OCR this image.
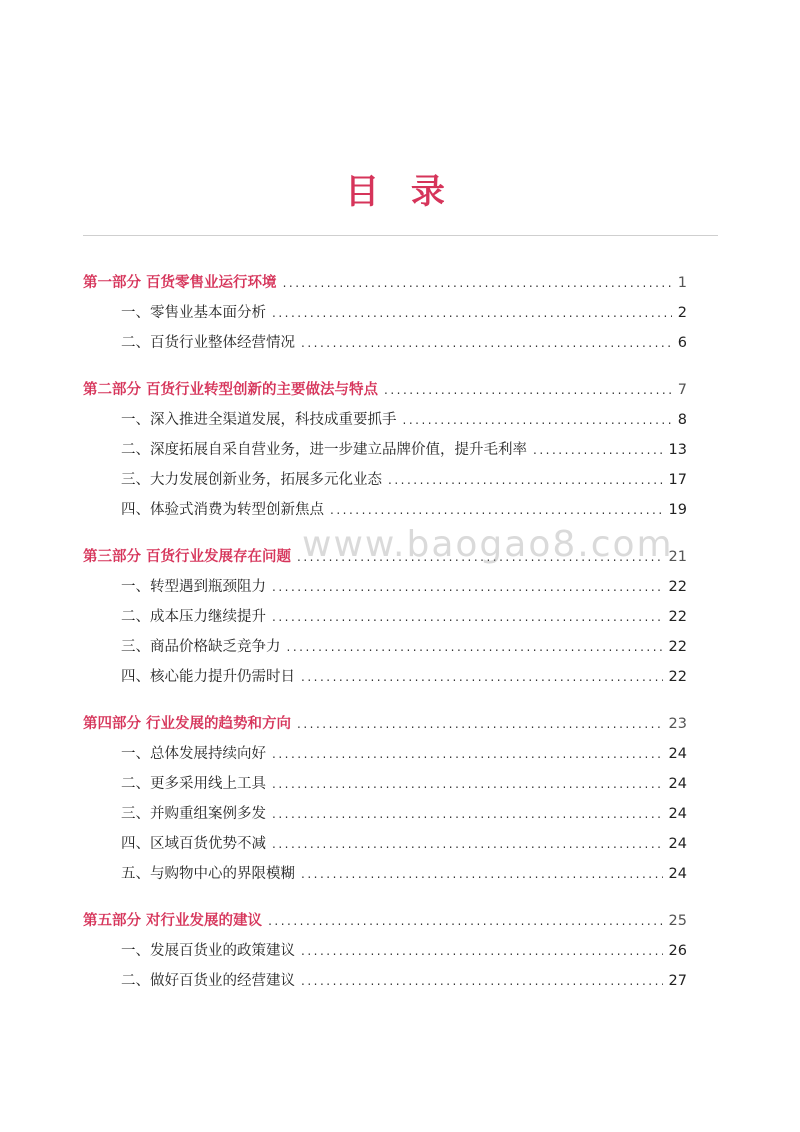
目 录
第一部分 百货零售业运行环境 .....	1
一、零售业基本面分析 .....	2
二、百货行业整体经营情况 .....	6
第二部分 百货行业转型创新的主要做法与特点 .....	7
一、深入推进全渠道发展，科技成重要抓手 .....	8
二、深度拓展自采自营业务，进一步建立品牌价值，提升毛利率 .....	13
三、大力发展创新业务，拓展多元化业态 .....	17
四、体验式消费为转型创新焦点 .....	19
第三部分 百货行业发展存在问题 .....	21
一、转型遇到瓶颈阻力 .....	22
二、成本压力继续提升 .....	22
三、商品价格缺乏竞争力 .....	22
四、核心能力提升仍需时日 .....	22
第四部分 行业发展的趋势和方向 .....	23
一、总体发展持续向好 .....	24
二、更多采用线上工具 .....	24
三、并购重组案例多发 .....	24
四、区域百货优势不减 .....	24
五、与购物中心的界限模糊 .....	24
第五部分 对行业发展的建议 .....	25
一、发展百货业的政策建议 .....	26
二、做好百货业的经营建议 .....	27
www.baogao8.com
